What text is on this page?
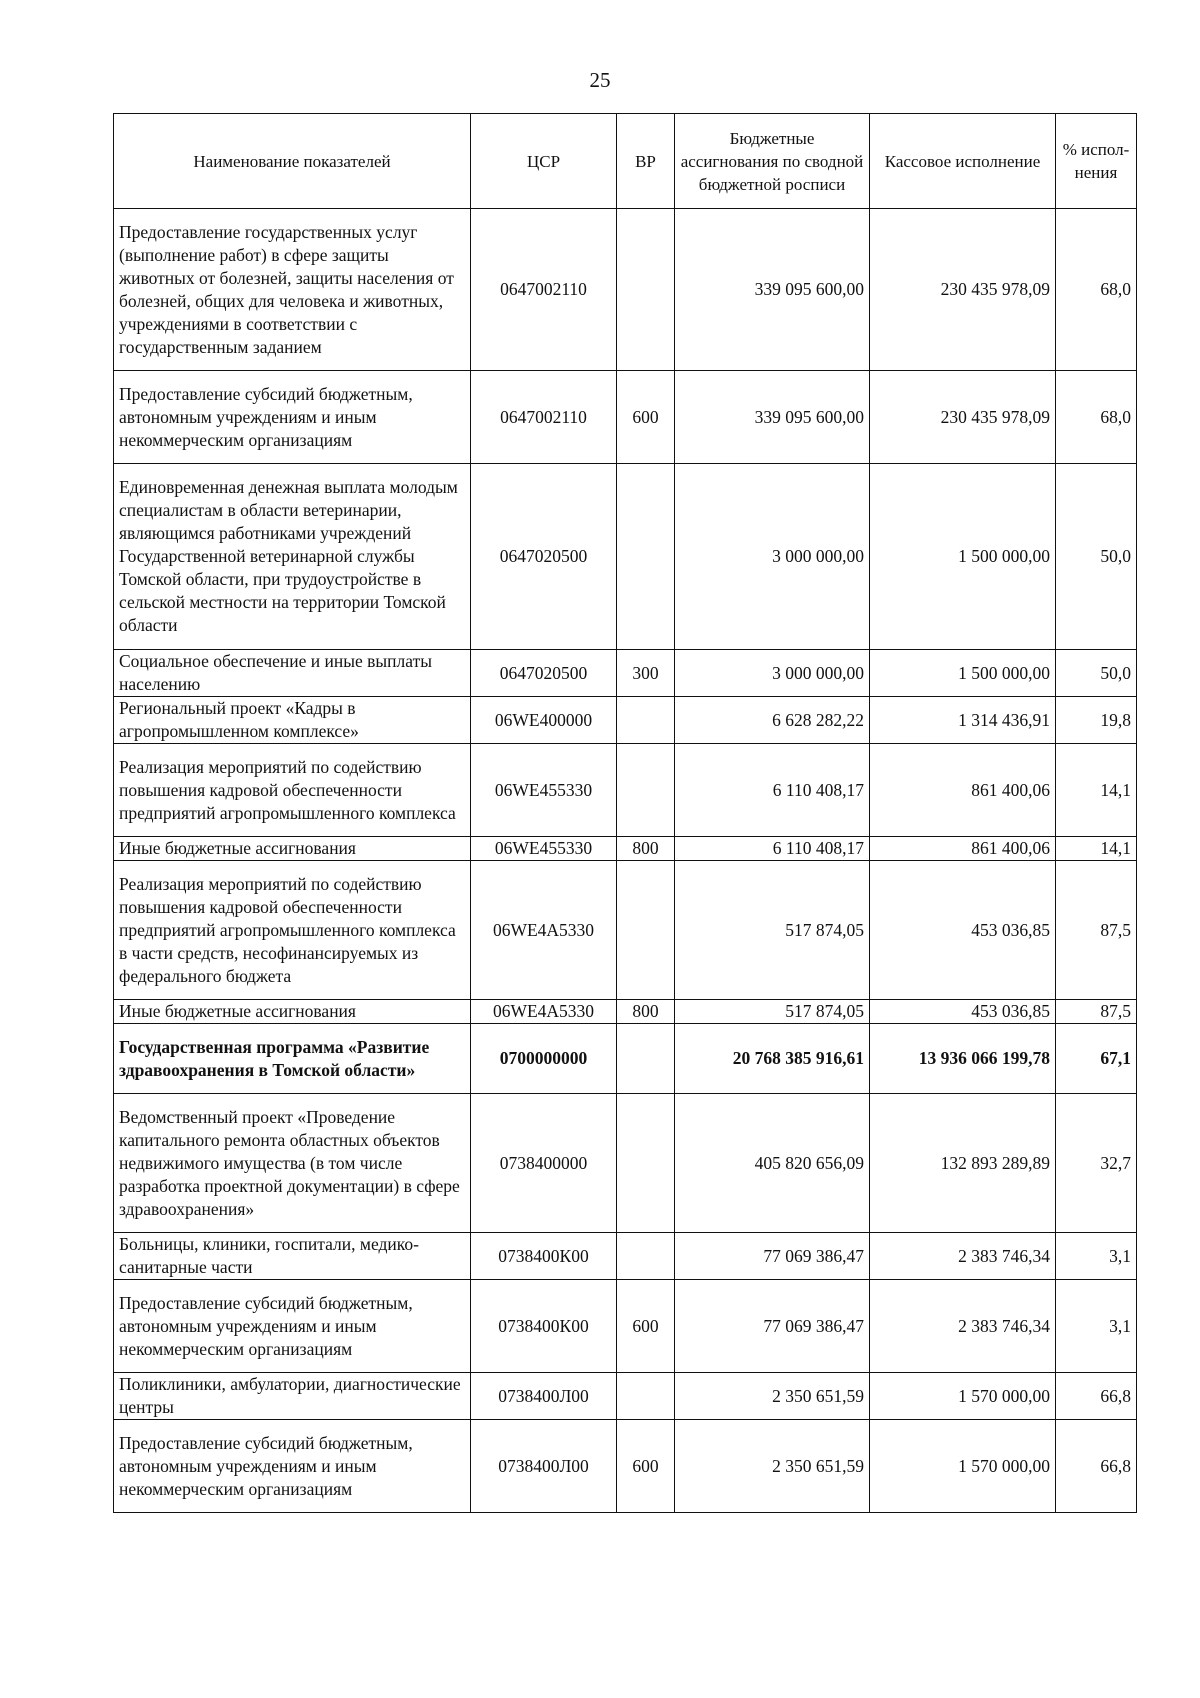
25
Наименование показателей	ЦСР	ВР	Бюджетные ассигнования по сводной бюджетной росписи	Кассовое исполнение	% испол-нения
Предоставление государственных услуг (выполнение работ) в сфере защиты животных от болезней, защиты населения от болезней, общих для человека и животных, учреждениями в соответствии с государственным заданием	0647002110		339 095 600,00	230 435 978,09	68,0
Предоставление субсидий бюджетным, автономным учреждениям и иным некоммерческим организациям	0647002110	600	339 095 600,00	230 435 978,09	68,0
Единовременная денежная выплата молодым специалистам в области ветеринарии, являющимся работниками учреждений Государственной ветеринарной службы Томской области, при трудоустройстве в сельской местности на территории Томской области	0647020500		3 000 000,00	1 500 000,00	50,0
Социальное обеспечение и иные выплаты населению	0647020500	300	3 000 000,00	1 500 000,00	50,0
Региональный проект «Кадры в агропромышленном комплексе»	06WE400000		6 628 282,22	1 314 436,91	19,8
Реализация мероприятий по содействию повышения кадровой обеспеченности предприятий агропромышленного комплекса	06WE455330		6 110 408,17	861 400,06	14,1
Иные бюджетные ассигнования	06WE455330	800	6 110 408,17	861 400,06	14,1
Реализация мероприятий по содействию повышения кадровой обеспеченности предприятий агропромышленного комплекса в части средств, несофинансируемых из федерального бюджета	06WE4A5330		517 874,05	453 036,85	87,5
Иные бюджетные ассигнования	06WE4A5330	800	517 874,05	453 036,85	87,5
Государственная программа «Развитие здравоохранения в Томской области»	0700000000		20 768 385 916,61	13 936 066 199,78	67,1
Ведомственный проект «Проведение капитального ремонта областных объектов недвижимого имущества (в том числе разработка проектной документации) в сфере здравоохранения»	0738400000		405 820 656,09	132 893 289,89	32,7
Больницы, клиники, госпитали, медико-санитарные части	0738400К00		77 069 386,47	2 383 746,34	3,1
Предоставление субсидий бюджетным, автономным учреждениям и иным некоммерческим организациям	0738400К00	600	77 069 386,47	2 383 746,34	3,1
Поликлиники, амбулатории, диагностические центры	0738400Л00		2 350 651,59	1 570 000,00	66,8
Предоставление субсидий бюджетным, автономным учреждениям и иным некоммерческим организациям	0738400Л00	600	2 350 651,59	1 570 000,00	66,8
